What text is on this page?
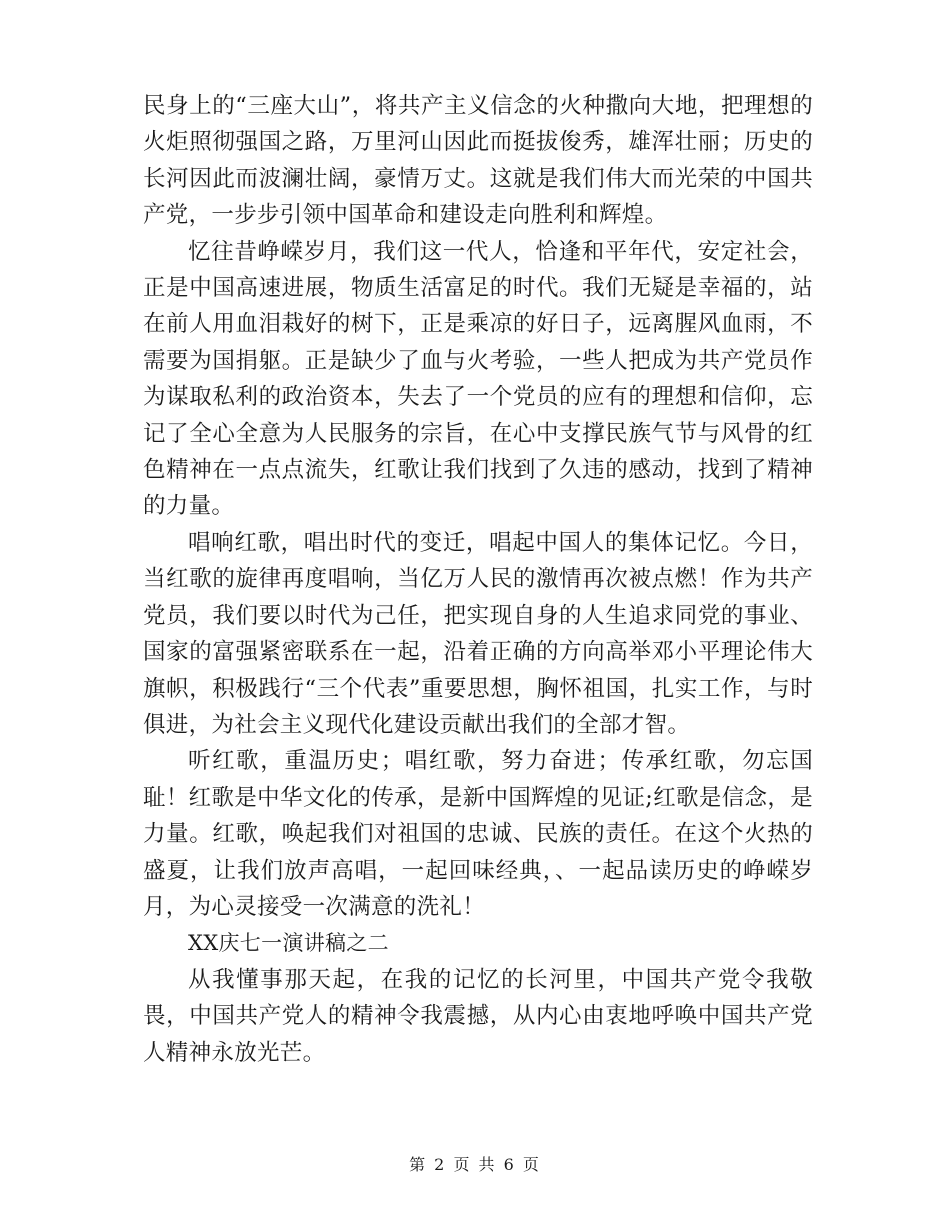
民身上的“三座大山”，将共产主义信念的火种撒向大地，把理想的火炬照彻强国之路，万里河山因此而挺拔俊秀，雄浑壮丽；历史的长河因此而波澜壮阔，豪情万丈。这就是我们伟大而光荣的中国共产党，一步步引领中国革命和建设走向胜利和辉煌。

忆往昔峥嵘岁月，我们这一代人，恰逢和平年代，安定社会，正是中国高速进展，物质生活富足的时代。我们无疑是幸福的，站在前人用血泪栽好的树下，正是乘凉的好日子，远离腥风血雨，不需要为国捐躯。正是缺少了血与火考验，一些人把成为共产党员作为谋取私利的政治资本，失去了一个党员的应有的理想和信仰，忘记了全心全意为人民服务的宗旨，在心中支撑民族气节与风骨的红色精神在一点点流失，红歌让我们找到了久违的感动，找到了精神的力量。

唱响红歌，唱出时代的变迁，唱起中国人的集体记忆。今日，当红歌的旋律再度唱响，当亿万人民的激情再次被点燃！作为共产党员，我们要以时代为己任，把实现自身的人生追求同党的事业、国家的富强紧密联系在一起，沿着正确的方向高举邓小平理论伟大旗帜，积极践行“三个代表”重要思想，胸怀祖国，扎实工作，与时俱进，为社会主义现代化建设贡献出我们的全部才智。

听红歌，重温历史；唱红歌，努力奋进；传承红歌，勿忘国耻！红歌是中华文化的传承，是新中国辉煌的见证;红歌是信念，是力量。红歌，唤起我们对祖国的忠诚、民族的责任。在这个火热的盛夏，让我们放声高唱，一起回味经典，、一起品读历史的峥嵘岁月，为心灵接受一次满意的洗礼！

XX庆七一演讲稿之二

从我懂事那天起，在我的记忆的长河里，中国共产党令我敬畏，中国共产党人的精神令我震撼，从内心由衷地呼唤中国共产党人精神永放光芒。

第 2 页 共 6 页
